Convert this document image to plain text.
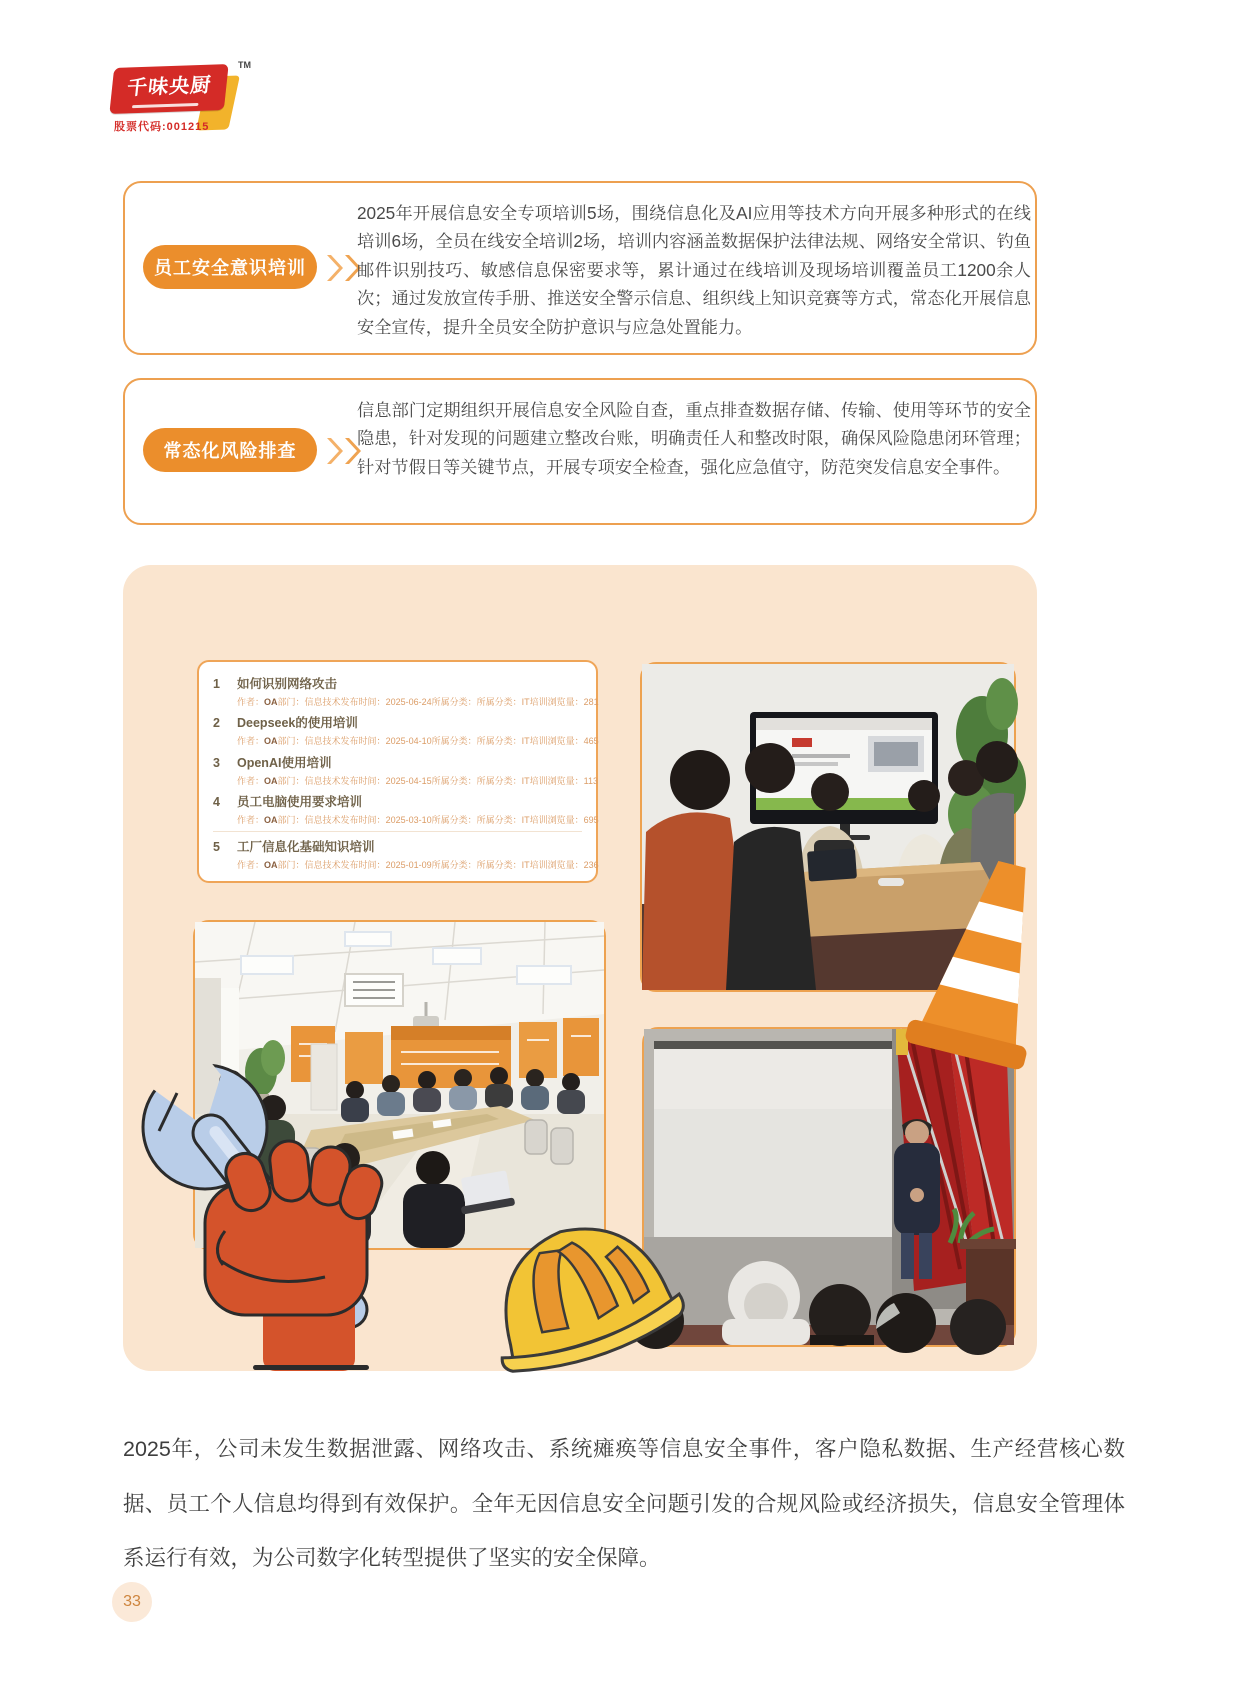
千味央厨
TM
股票代码:001215
员工安全意识培训
2025年开展信息安全专项培训5场，围绕信息化及AI应用等技术方向开展多种形式的在线培训6场，全员在线安全培训2场，培训内容涵盖数据保护法律法规、网络安全常识、钓鱼邮件识别技巧、敏感信息保密要求等，累计通过在线培训及现场培训覆盖员工1200余人次；通过发放宣传手册、推送安全警示信息、组织线上知识竞赛等方式，常态化开展信息安全宣传，提升全员安全防护意识与应急处置能力。
常态化风险排查
信息部门定期组织开展信息安全风险自查，重点排查数据存储、传输、使用等环节的安全隐患，针对发现的问题建立整改台账，明确责任人和整改时限，确保风险隐患闭环管理；针对节假日等关键节点，开展专项安全检查，强化应急值守，防范突发信息安全事件。
1 如何识别网络攻击
作者：OA 部门：信息技术 发布时间：2025-06-24 所属分类：所属分类：IT培训 浏览量：281
2 Deepseek的使用培训
作者：OA 部门：信息技术 发布时间：2025-04-10 所属分类：所属分类：IT培训 浏览量：465
3 OpenAI使用培训
作者：OA 部门：信息技术 发布时间：2025-04-15 所属分类：所属分类：IT培训 浏览量：113
4 员工电脑使用要求培训
作者：OA 部门：信息技术 发布时间：2025-03-10 所属分类：所属分类：IT培训 浏览量：695
5 工厂信息化基础知识培训
作者：OA 部门：信息技术 发布时间：2025-01-09 所属分类：所属分类：IT培训 浏览量：236
2025年，公司未发生数据泄露、网络攻击、系统瘫痪等信息安全事件，客户隐私数据、生产经营核心数据、员工个人信息均得到有效保护。全年无因信息安全问题引发的合规风险或经济损失，信息安全管理体系运行有效，为公司数字化转型提供了坚实的安全保障。
33
